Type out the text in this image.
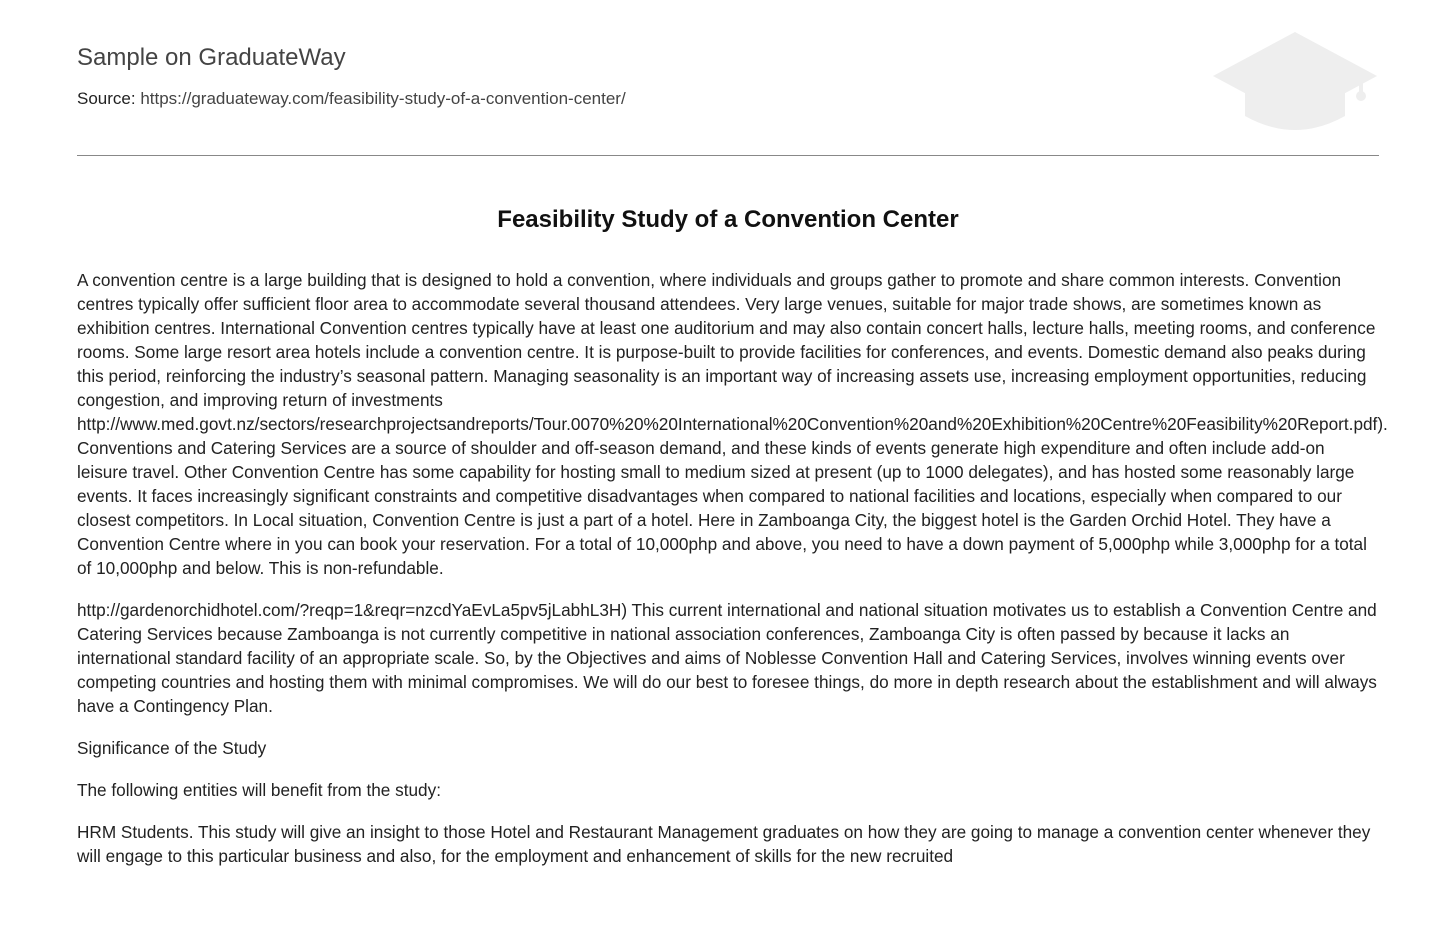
Sample on GraduateWay
Source: https://graduateway.com/feasibility-study-of-a-convention-center/
Feasibility Study of a Convention Center

A convention centre is a large building that is designed to hold a convention, where individuals and groups gather to promote and share common interests. Convention centres typically offer sufficient floor area to accommodate several thousand attendees. Very large venues, suitable for major trade shows, are sometimes known as exhibition centres. International Convention centres typically have at least one auditorium and may also contain concert halls, lecture halls, meeting rooms, and conference rooms. Some large resort area hotels include a convention centre. It is purpose-built to provide facilities for conferences, and events. Domestic demand also peaks during this period, reinforcing the industry’s seasonal pattern. Managing seasonality is an important way of increasing assets use, increasing employment opportunities, reducing congestion, and improving return of investments
http://www.med.govt.nz/sectors/researchprojectsandreports/Tour.0070%20%20International%20Convention%20and%20Exhibition%20Centre%20Feasibility%20Report.pdf).
Conventions and Catering Services are a source of shoulder and off-season demand, and these kinds of events generate high expenditure and often include add-on leisure travel. Other Convention Centre has some capability for hosting small to medium sized at present (up to 1000 delegates), and has hosted some reasonably large events. It faces increasingly significant constraints and competitive disadvantages when compared to national facilities and locations, especially when compared to our closest competitors. In Local situation, Convention Centre is just a part of a hotel. Here in Zamboanga City, the biggest hotel is the Garden Orchid Hotel. They have a Convention Centre where in you can book your reservation. For a total of 10,000php and above, you need to have a down payment of 5,000php while 3,000php for a total of 10,000php and below. This is non-refundable.

http://gardenorchidhotel.com/?reqp=1&reqr=nzcdYaEvLa5pv5jLabhL3H) This current international and national situation motivates us to establish a Convention Centre and Catering Services because Zamboanga is not currently competitive in national association conferences, Zamboanga City is often passed by because it lacks an international standard facility of an appropriate scale. So, by the Objectives and aims of Noblesse Convention Hall and Catering Services, involves winning events over competing countries and hosting them with minimal compromises. We will do our best to foresee things, do more in depth research about the establishment and will always have a Contingency Plan.

Significance of the Study

The following entities will benefit from the study:

HRM Students. This study will give an insight to those Hotel and Restaurant Management graduates on how they are going to manage a convention center whenever they will engage to this particular business and also, for the employment and enhancement of skills for the new recruited
